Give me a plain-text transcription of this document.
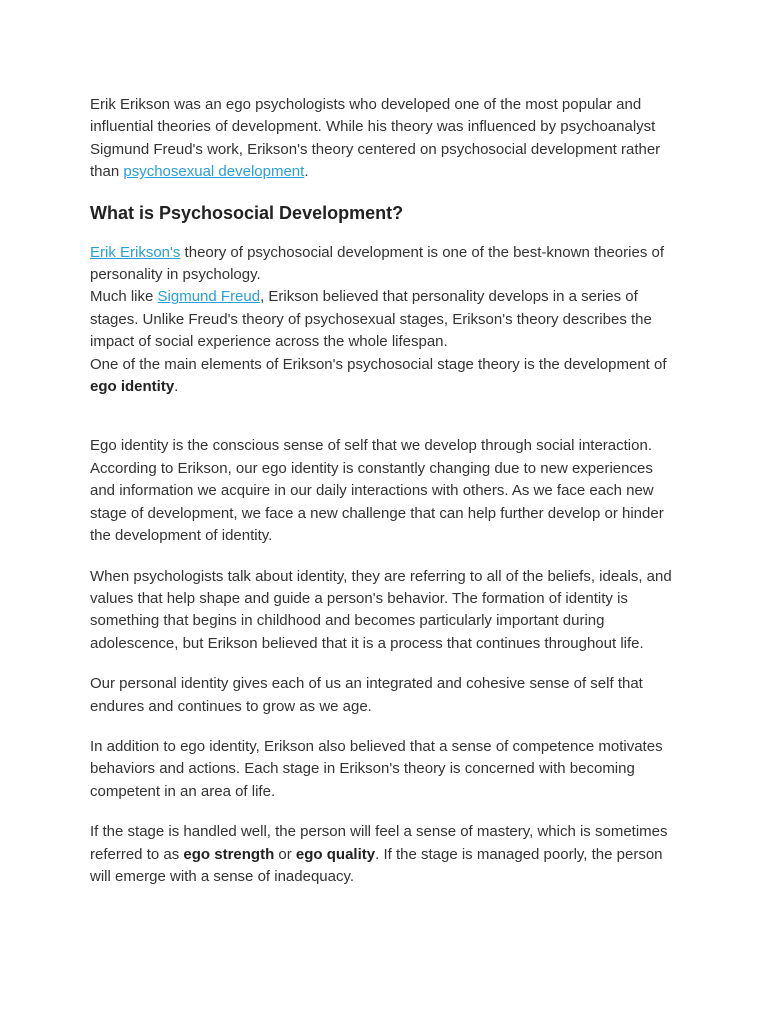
Erik Erikson was an ego psychologists who developed one of the most popular and influential theories of development. While his theory was influenced by psychoanalyst Sigmund Freud's work, Erikson's theory centered on psychosocial development rather than psychosexual development.

What is Psychosocial Development?

Erik Erikson's theory of psychosocial development is one of the best-known theories of personality in psychology.

Much like Sigmund Freud, Erikson believed that personality develops in a series of stages. Unlike Freud's theory of psychosexual stages, Erikson's theory describes the impact of social experience across the whole lifespan.

One of the main elements of Erikson's psychosocial stage theory is the development of ego identity.

Ego identity is the conscious sense of self that we develop through social interaction. According to Erikson, our ego identity is constantly changing due to new experiences and information we acquire in our daily interactions with others. As we face each new stage of development, we face a new challenge that can help further develop or hinder the development of identity.

When psychologists talk about identity, they are referring to all of the beliefs, ideals, and values that help shape and guide a person's behavior. The formation of identity is something that begins in childhood and becomes particularly important during adolescence, but Erikson believed that it is a process that continues throughout life.

Our personal identity gives each of us an integrated and cohesive sense of self that endures and continues to grow as we age.

In addition to ego identity, Erikson also believed that a sense of competence motivates behaviors and actions. Each stage in Erikson's theory is concerned with becoming competent in an area of life.

If the stage is handled well, the person will feel a sense of mastery, which is sometimes referred to as ego strength or ego quality. If the stage is managed poorly, the person will emerge with a sense of inadequacy.
